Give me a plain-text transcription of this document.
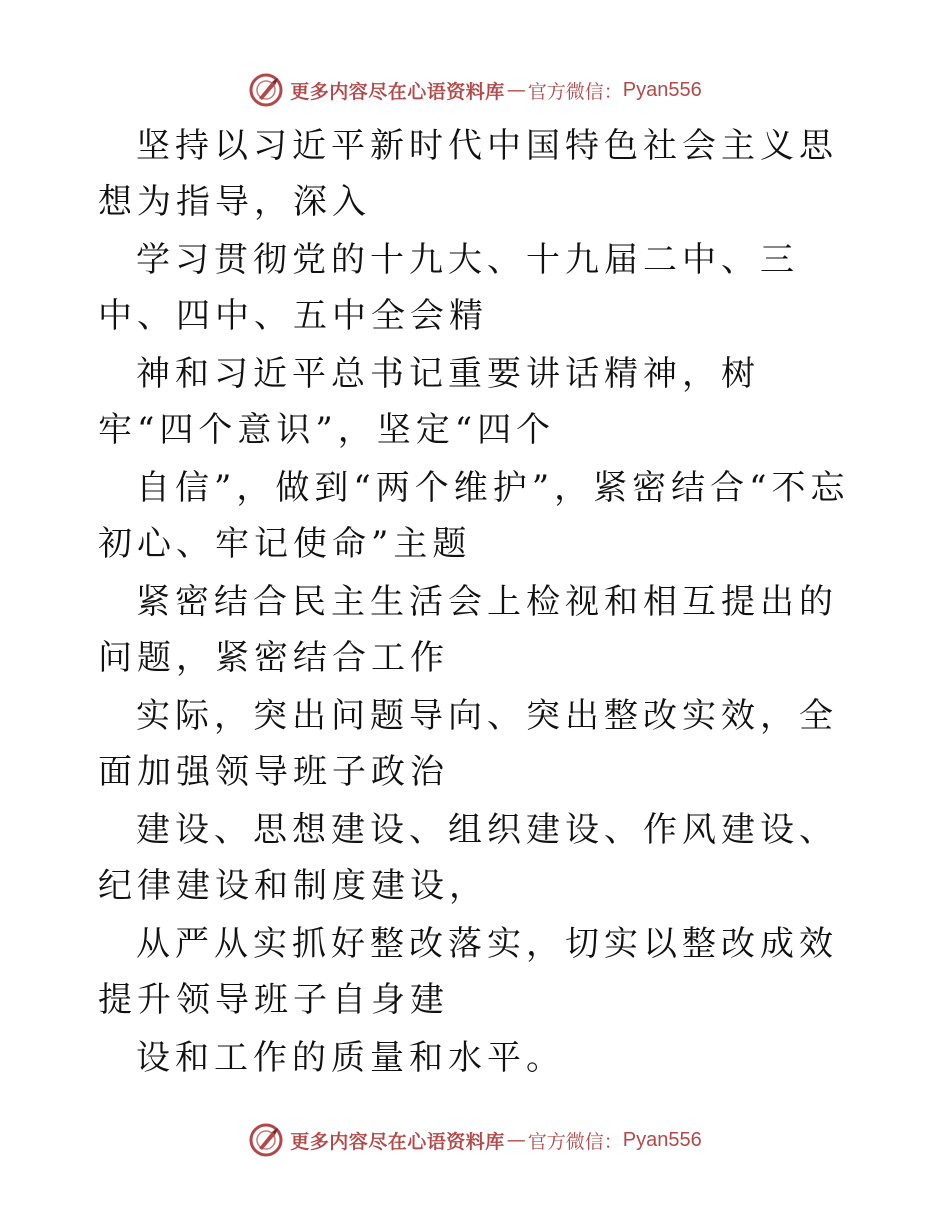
更多内容尽在心语资料库 — 官方微信： Pyan556

坚持以习近平新时代中国特色社会主义思想为指导，深入

学习贯彻党的十九大、十九届二中、三中、四中、五中全会精

神和习近平总书记重要讲话精神，树牢“四个意识”，坚定“四个

自信”，做到“两个维护”，紧密结合“不忘初心、牢记使命”主题

紧密结合民主生活会上检视和相互提出的问题，紧密结合工作

实际，突出问题导向、突出整改实效，全面加强领导班子政治

建设、思想建设、组织建设、作风建设、纪律建设和制度建设，

从严从实抓好整改落实，切实以整改成效提升领导班子自身建

设和工作的质量和水平。

更多内容尽在心语资料库 — 官方微信： Pyan556
